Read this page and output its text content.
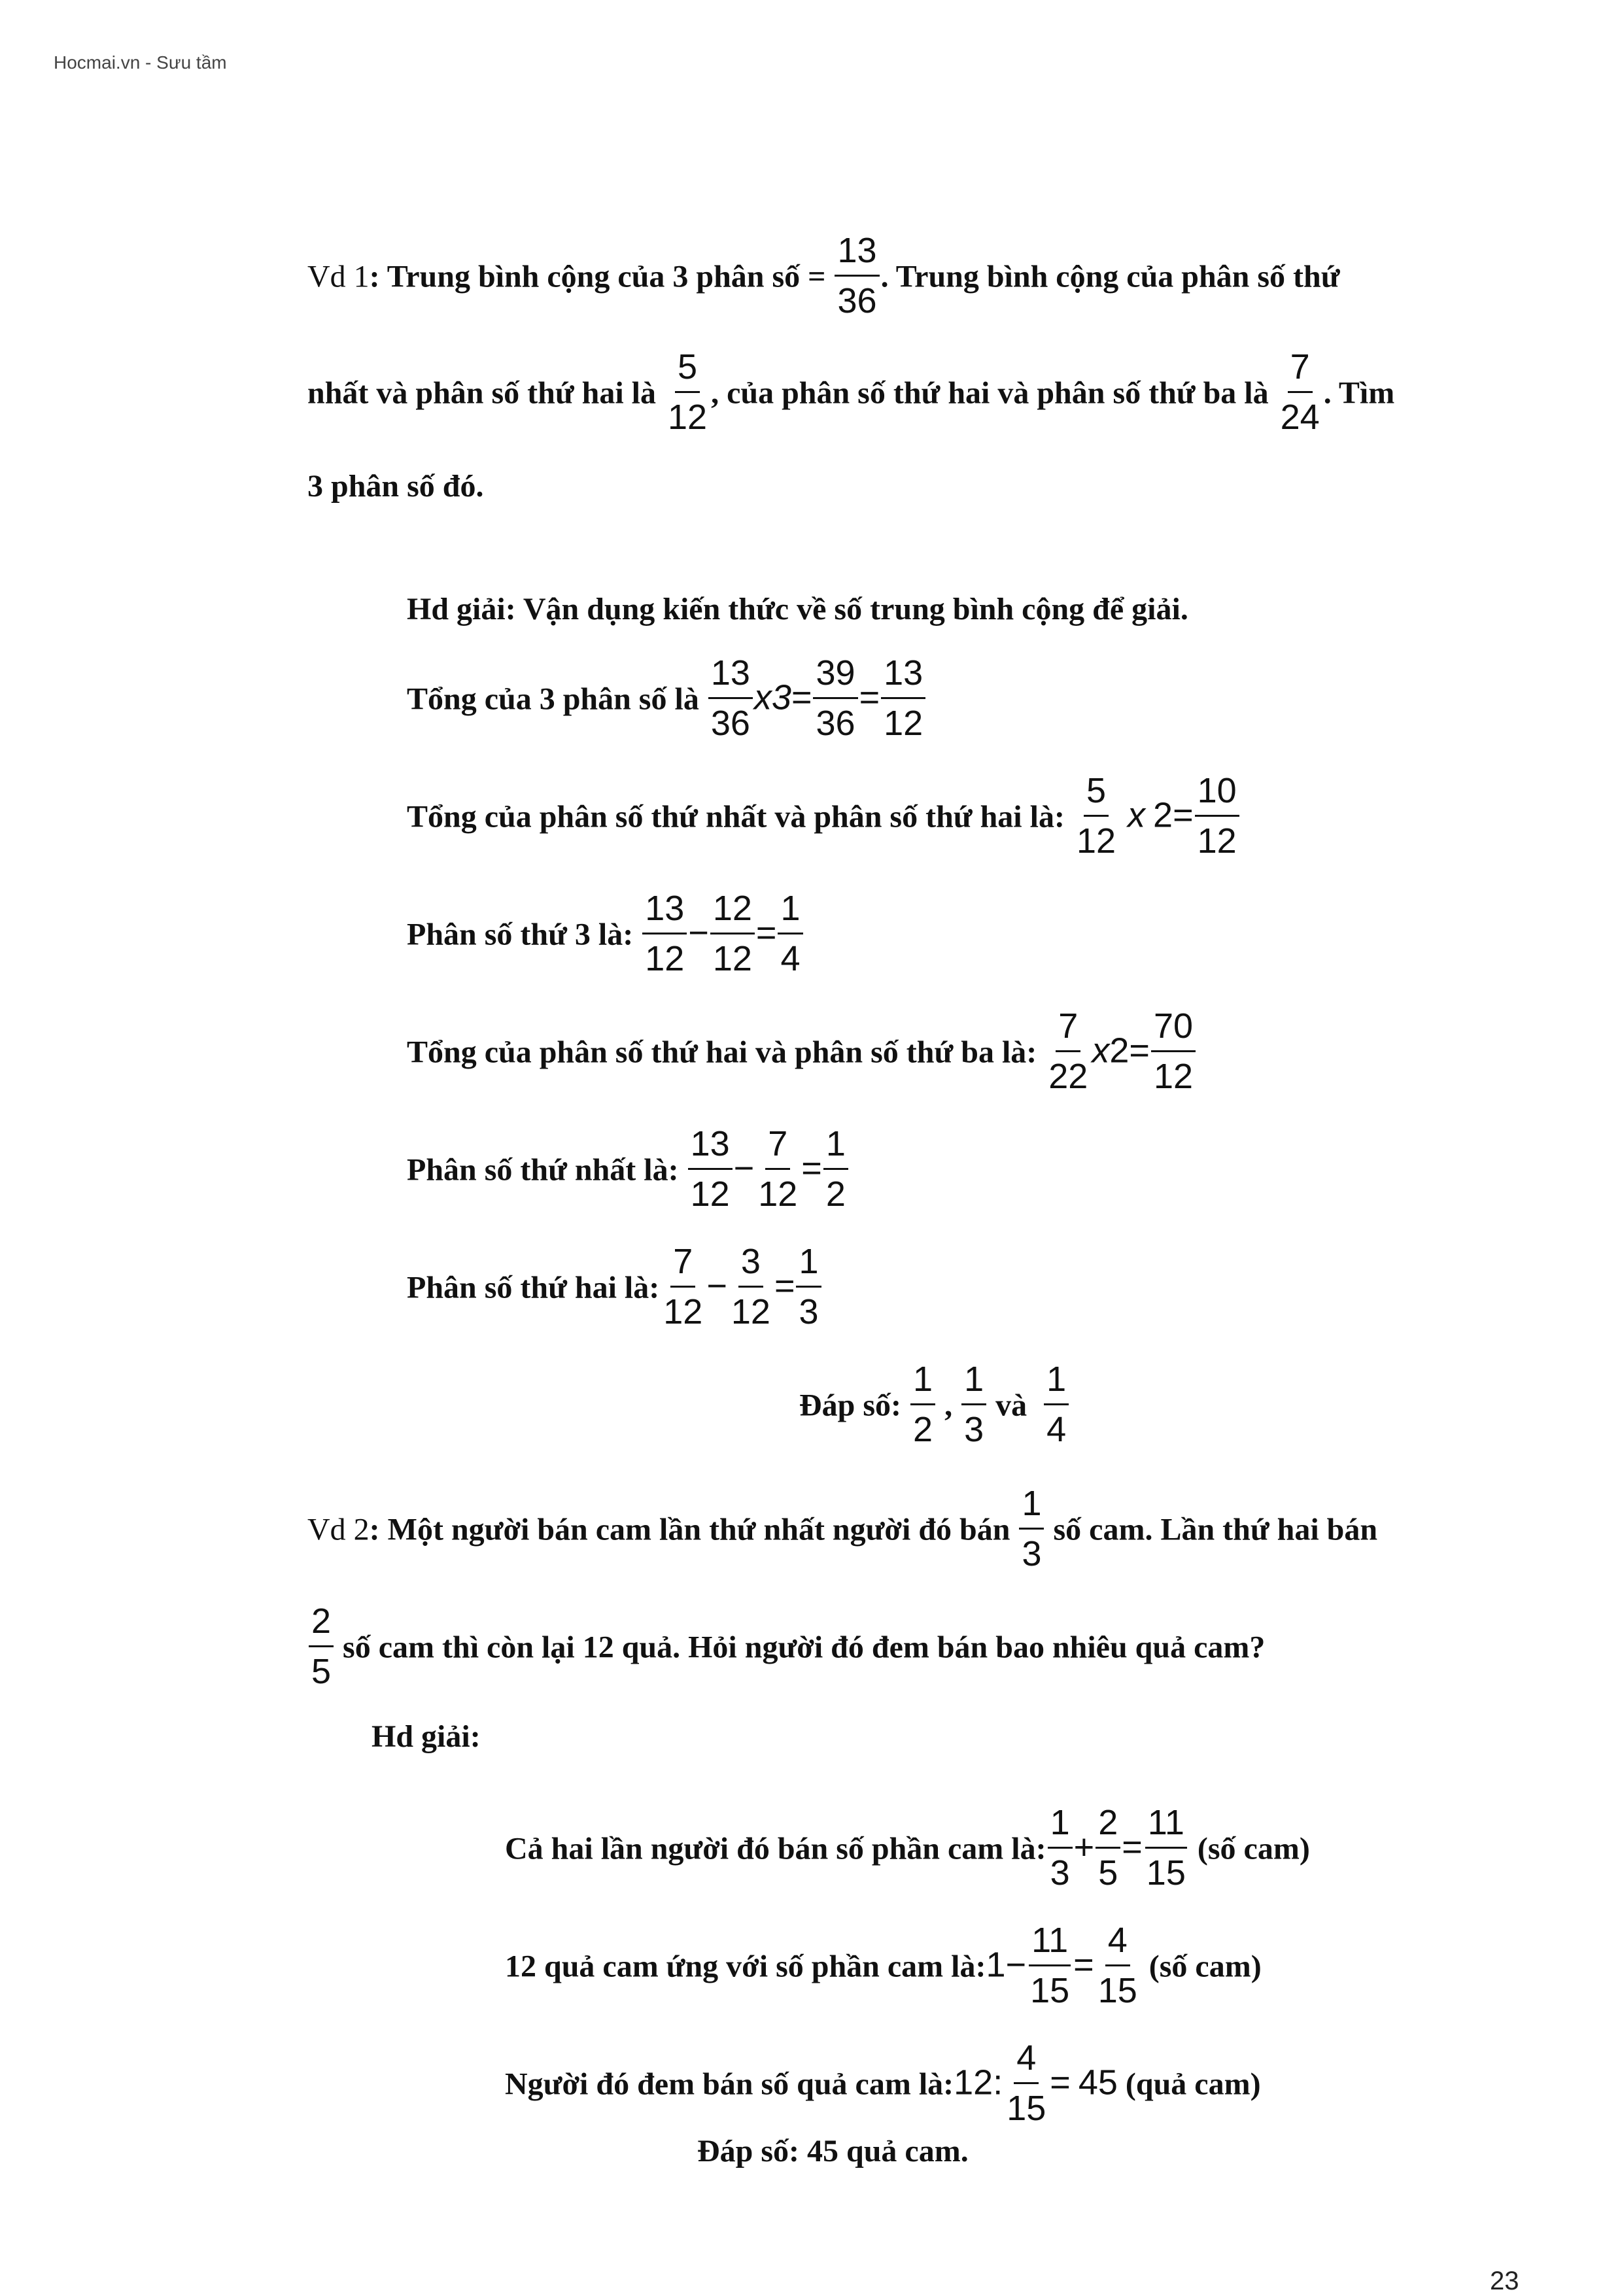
Hocmai.vn - Sưu tầm
Vd 1: Trung bình cộng của 3 phân số = $\frac{13}{36}$ . Trung bình cộng của phân số thứ
nhất và phân số thứ hai là $\frac{5}{12}$ , của phân số thứ hai và phân số thứ ba là $\frac{7}{24}$ . Tìm
3 phân số đó.
Hd giải: Vận dụng kiến thức về số trung bình cộng để giải.
Tổng của 3 phân số là $\frac{13}{36} x3= \frac{39}{36} = \frac{13}{12}$
Tổng của phân số thứ nhất và phân số thứ hai là: $\frac{5}{12}$ x $2= \frac{10}{12}$
Phân số thứ 3 là: $\frac{13}{12} - \frac{12}{12} = \frac{1}{4}$
Tổng của phân số thứ hai và phân số thứ ba là: $\frac{7}{22} x2= \frac{70}{12}$
Phân số thứ nhất là: $\frac{13}{12} - \frac{7}{12} = \frac{1}{2}$
Phân số thứ hai là: $\frac{7}{12} - \frac{3}{12} = \frac{1}{3}$
Đáp số: $\frac{1}{2}$ , $\frac{1}{3}$ và $\frac{1}{4}$
Vd 2: Một người bán cam lần thứ nhất người đó bán $\frac{1}{3}$ số cam. Lần thứ hai bán
$\frac{2}{5}$ số cam thì còn lại 12 quả. Hỏi người đó đem bán bao nhiêu quả cam?
Hd giải:
Cả hai lần người đó bán số phần cam là: $\frac{1}{3} + \frac{2}{5} = \frac{11}{15}$ (số cam)
12 quả cam ứng với số phần cam là:1− $\frac{11}{15} = \frac{4}{15}$ (số cam)
Người đó đem bán số quả cam là:12: $\frac{4}{15} = 45$ (quả cam)
Đáp số: 45 quả cam.
23
